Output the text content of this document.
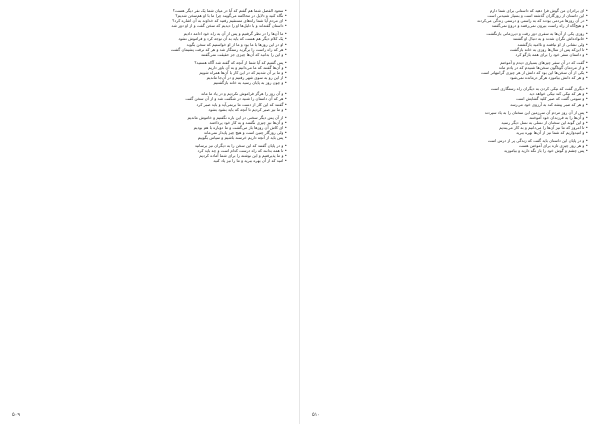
• سعود الفضل شما هم گفتم که آیا در میان شما یک نفر دیگر هست؟
• نگاه کنید و دلایل در محاکمه می‌گویند چرا ما با او هم‌سخن شدیم؟
• ای مردم آیا شما راه‌های مستقیم رفتید که خداوند به آن اشاره کرد؟
• داستان گفته‌اند و با دلیل‌ها او را دیدیم که سخن گفت و از او دور شد
• ما آن‌ها را در نظر گرفتیم و پس از آن به راه خود ادامه دادیم
• یک کلام دیگر هم هست که باید به آن توجه کرد و فراموش نشود
• او در این روزها با ما بود و ما از او خواستیم که سخن بگوید
• هر که راه راست را برگزید رستگار شد و هر که نرفت پشیمان گشت
• و این را بدانید که آن‌ها چیزی جز حقیقت نمی‌گفتند
• پس گفتیم که آیا شما از آنچه که گفته شد آگاه هستید؟
• و آن‌ها گفتند که ما می‌دانیم و به آن باور داریم
• و ما بر آن شدیم که در این کار با آن‌ها همراه شویم
• از این رو به سوی شهر رفتیم و در آن‌جا ماندیم
• و چون روز به پایان رسید به خانه بازگشتیم
• و آن روز را هرگز فراموش نکردیم و در یاد ما ماند
• هر که آن داستان را شنید در شگفت شد و از آن سخن گفت
• گفتند که این کار از دست ما برنمی‌آید و باید صبر کرد
• و ما نیز صبر کردیم تا آنچه که باید بشود بشود
• از آن پس دیگر سخنی در این باره نگفتیم و خاموش ماندیم
• و آن‌ها نیز چیزی نگفتند و به کار خود پرداختند
• ای کاش آن روزها باز می‌گشت و ما دوباره با هم بودیم
• ولی روزگار چنین است و هیچ چیز پایدار نمی‌ماند
• پس باید از آنچه داریم خرسند باشیم و سپاس بگوییم
• و در پایان گفتند که این سخن را به دیگران نیز برسانید
• تا همه بدانند که راه درست کدام است و چه باید کرد
• و ما پذیرفتیم و این نوشته را برای شما آماده کردیم
• امید که از آن بهره ببرید و ما را نیز یاد کنید
۵۰۹
• ای برادران من گوش فرا دهید که داستانی برای شما دارم
• این داستان از روزگاران گذشته است و بسیار شنیدنی است
• در آن روزها مردمی بودند که به راستی و درستی زندگی می‌کردند
• و هیچ‌گاه از راه راست بیرون نمی‌رفتند و دروغ نمی‌گفتند
• روزی یکی از آن‌ها به سفری دور رفت و دیرزمانی بازنگشت
• خانواده‌اش نگران شدند و به دنبال او گشتند
• ولی نشانی از او نیافتند و ناامید بازگشتند
• تا این‌که پس از سال‌ها روزی به خانه بازگشت
• و داستان سفر خود را برای همه بازگو کرد
• گفت که در آن سفر چیزهای بسیاری دیدم و آموختم
• و از مردمان گوناگون سخن‌ها شنیدم که در یادم ماند
• یکی از آن سخن‌ها این بود که دانش از هر چیزی گرانبهاتر است
• و هر که دانش بیاموزد هرگز درمانده نمی‌شود
• دیگری گفت که نیکی کردن به دیگران راه رستگاری است
• و هر که نیکی کند نیکی خواهد دید
• و سومی گفت که صبر کلید گشایش است
• و هر که صبر پیشه کند به آرزوی خود می‌رسد
• پس از آن روز مردم آن سرزمین این سخنان را به یاد سپردند
• و آن‌ها را به فرزندان خود آموختند
• و این گونه این سخنان از نسلی به نسل دیگر رسید
• تا امروز که ما نیز آن‌ها را می‌دانیم و به کار می‌بندیم
• و امیدواریم که شما نیز از آن‌ها بهره ببرید
• و در پایان این داستان باید گفت که زندگی پر از درس است
• و هر روز چیزی تازه برای آموختن هست
• پس چشم و گوش خود را باز نگه دارید و بیاموزید
۵۱۰
